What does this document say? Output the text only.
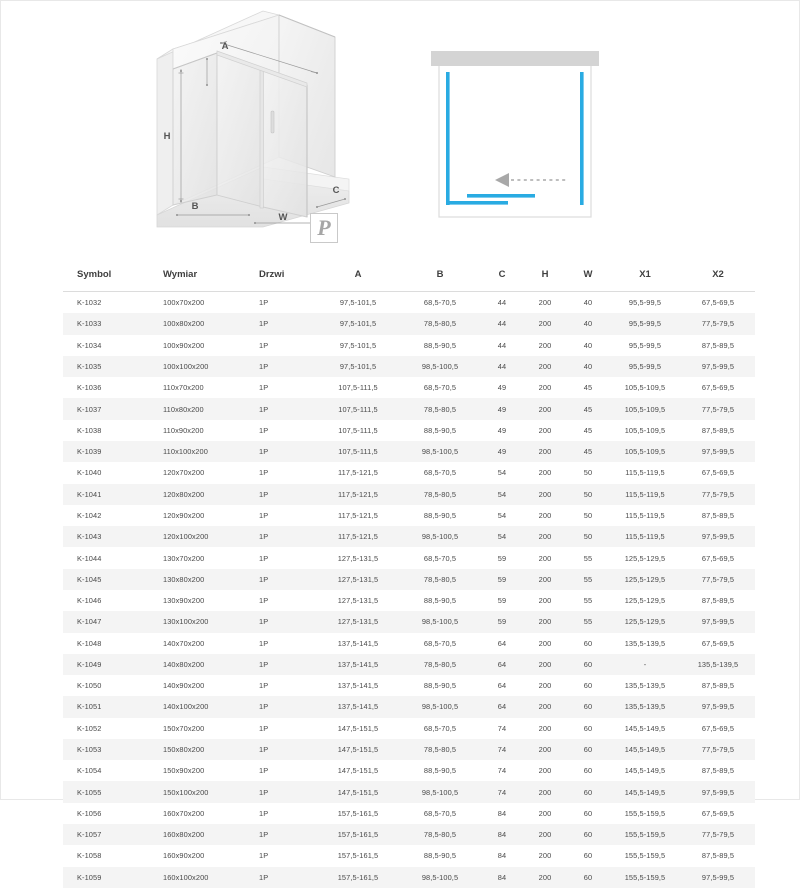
A
H
B
W
C
P
Symbol	Wymiar	Drzwi	A	B	C	H	W	X1	X2
K-1032	100x70x200	1P	97,5-101,5	68,5-70,5	44	200	40	95,5-99,5	67,5-69,5
K-1033	100x80x200	1P	97,5-101,5	78,5-80,5	44	200	40	95,5-99,5	77,5-79,5
K-1034	100x90x200	1P	97,5-101,5	88,5-90,5	44	200	40	95,5-99,5	87,5-89,5
K-1035	100x100x200	1P	97,5-101,5	98,5-100,5	44	200	40	95,5-99,5	97,5-99,5
K-1036	110x70x200	1P	107,5-111,5	68,5-70,5	49	200	45	105,5-109,5	67,5-69,5
K-1037	110x80x200	1P	107,5-111,5	78,5-80,5	49	200	45	105,5-109,5	77,5-79,5
K-1038	110x90x200	1P	107,5-111,5	88,5-90,5	49	200	45	105,5-109,5	87,5-89,5
K-1039	110x100x200	1P	107,5-111,5	98,5-100,5	49	200	45	105,5-109,5	97,5-99,5
K-1040	120x70x200	1P	117,5-121,5	68,5-70,5	54	200	50	115,5-119,5	67,5-69,5
K-1041	120x80x200	1P	117,5-121,5	78,5-80,5	54	200	50	115,5-119,5	77,5-79,5
K-1042	120x90x200	1P	117,5-121,5	88,5-90,5	54	200	50	115,5-119,5	87,5-89,5
K-1043	120x100x200	1P	117,5-121,5	98,5-100,5	54	200	50	115,5-119,5	97,5-99,5
K-1044	130x70x200	1P	127,5-131,5	68,5-70,5	59	200	55	125,5-129,5	67,5-69,5
K-1045	130x80x200	1P	127,5-131,5	78,5-80,5	59	200	55	125,5-129,5	77,5-79,5
K-1046	130x90x200	1P	127,5-131,5	88,5-90,5	59	200	55	125,5-129,5	87,5-89,5
K-1047	130x100x200	1P	127,5-131,5	98,5-100,5	59	200	55	125,5-129,5	97,5-99,5
K-1048	140x70x200	1P	137,5-141,5	68,5-70,5	64	200	60	135,5-139,5	67,5-69,5
K-1049	140x80x200	1P	137,5-141,5	78,5-80,5	64	200	60	-	135,5-139,5
K-1050	140x90x200	1P	137,5-141,5	88,5-90,5	64	200	60	135,5-139,5	87,5-89,5
K-1051	140x100x200	1P	137,5-141,5	98,5-100,5	64	200	60	135,5-139,5	97,5-99,5
K-1052	150x70x200	1P	147,5-151,5	68,5-70,5	74	200	60	145,5-149,5	67,5-69,5
K-1053	150x80x200	1P	147,5-151,5	78,5-80,5	74	200	60	145,5-149,5	77,5-79,5
K-1054	150x90x200	1P	147,5-151,5	88,5-90,5	74	200	60	145,5-149,5	87,5-89,5
K-1055	150x100x200	1P	147,5-151,5	98,5-100,5	74	200	60	145,5-149,5	97,5-99,5
K-1056	160x70x200	1P	157,5-161,5	68,5-70,5	84	200	60	155,5-159,5	67,5-69,5
K-1057	160x80x200	1P	157,5-161,5	78,5-80,5	84	200	60	155,5-159,5	77,5-79,5
K-1058	160x90x200	1P	157,5-161,5	88,5-90,5	84	200	60	155,5-159,5	87,5-89,5
K-1059	160x100x200	1P	157,5-161,5	98,5-100,5	84	200	60	155,5-159,5	97,5-99,5
